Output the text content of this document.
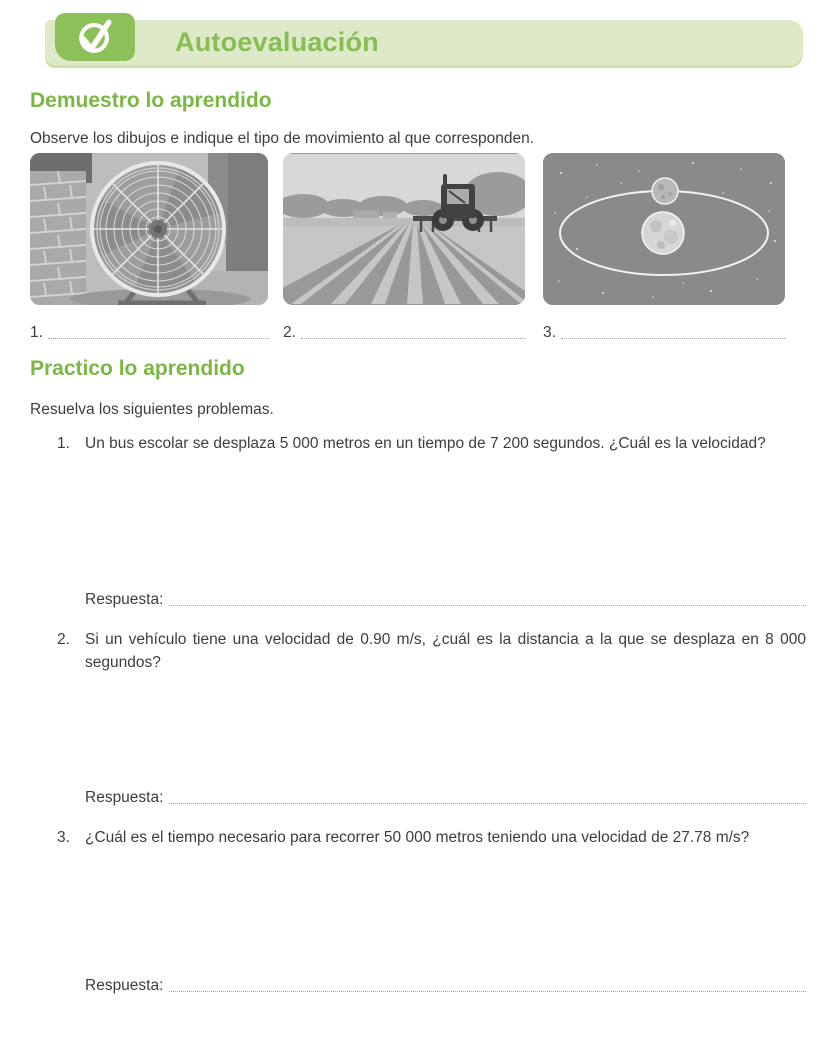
Autoevaluación
Demuestro lo aprendido

Observe los dibujos e indique el tipo de movimiento al que corresponden.

1.	2.	3.
Practico lo aprendido

Resuelva los siguientes problemas.

1. Un bus escolar se desplaza 5 000 metros en un tiempo de 7 200 segundos. ¿Cuál es la velocidad?
Respuesta:
2. Si un vehículo tiene una velocidad de 0.90 m/s, ¿cuál es la distancia a la que se desplaza en 8 000 segundos?
Respuesta:
3. ¿Cuál es el tiempo necesario para recorrer 50 000 metros teniendo una velocidad de 27.78 m/s?
Respuesta:
